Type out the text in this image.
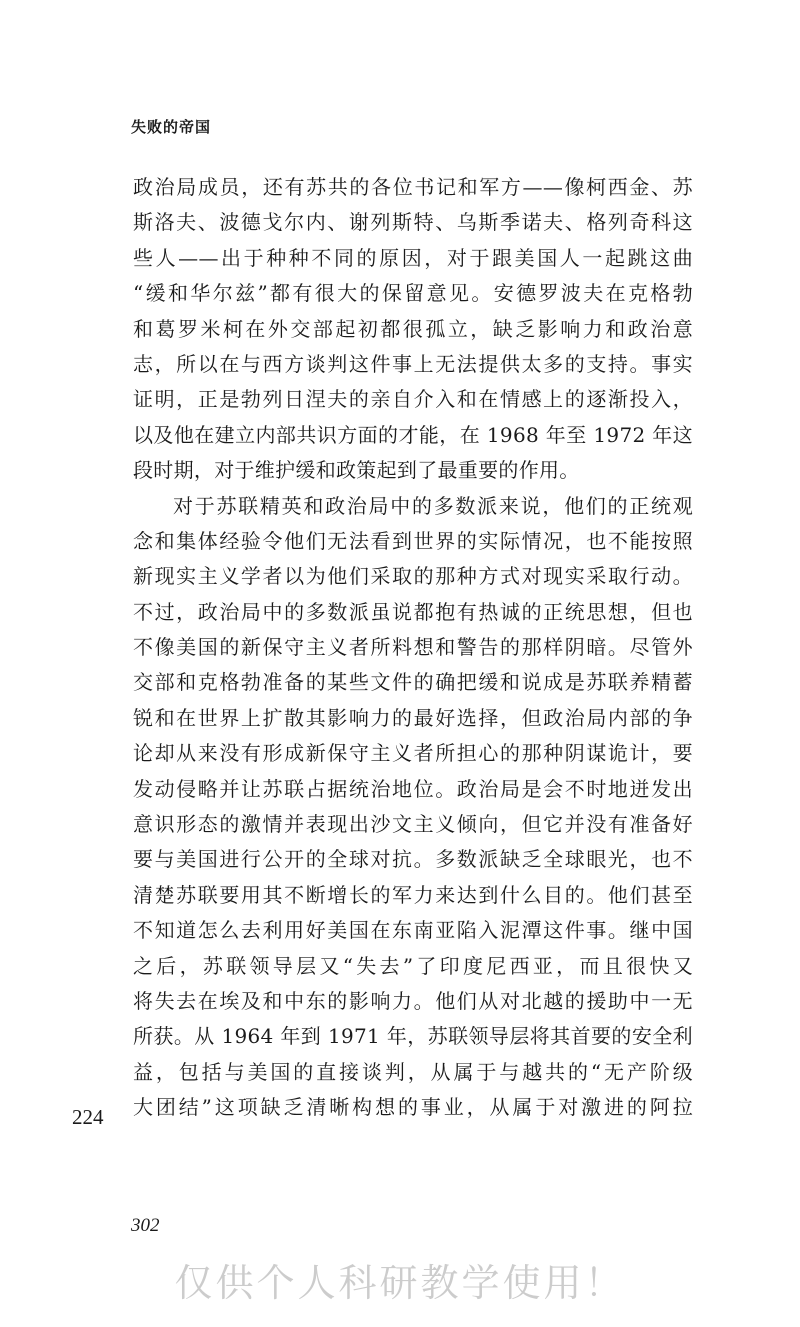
失败的帝国
政治局成员，还有苏共的各位书记和军方——像柯西金、苏
斯洛夫、波德戈尔内、谢列斯特、乌斯季诺夫、格列奇科这
些人——出于种种不同的原因，对于跟美国人一起跳这曲
“缓和华尔兹”都有很大的保留意见。安德罗波夫在克格勃
和葛罗米柯在外交部起初都很孤立，缺乏影响力和政治意
志，所以在与西方谈判这件事上无法提供太多的支持。事实
证明，正是勃列日涅夫的亲自介入和在情感上的逐渐投入，
以及他在建立内部共识方面的才能，在 1968 年至 1972 年这
段时期，对于维护缓和政策起到了最重要的作用。
对于苏联精英和政治局中的多数派来说，他们的正统观
念和集体经验令他们无法看到世界的实际情况，也不能按照
新现实主义学者以为他们采取的那种方式对现实采取行动。
不过，政治局中的多数派虽说都抱有热诚的正统思想，但也
不像美国的新保守主义者所料想和警告的那样阴暗。尽管外
交部和克格勃准备的某些文件的确把缓和说成是苏联养精蓄
锐和在世界上扩散其影响力的最好选择，但政治局内部的争
论却从来没有形成新保守主义者所担心的那种阴谋诡计，要
发动侵略并让苏联占据统治地位。政治局是会不时地迸发出
意识形态的激情并表现出沙文主义倾向，但它并没有准备好
要与美国进行公开的全球对抗。多数派缺乏全球眼光，也不
清楚苏联要用其不断增长的军力来达到什么目的。他们甚至
不知道怎么去利用好美国在东南亚陷入泥潭这件事。继中国
之后，苏联领导层又“失去”了印度尼西亚，而且很快又
将失去在埃及和中东的影响力。他们从对北越的援助中一无
所获。从 1964 年到 1971 年，苏联领导层将其首要的安全利
益，包括与美国的直接谈判，从属于与越共的“无产阶级
大团结”这项缺乏清晰构想的事业，从属于对激进的阿拉
224
302
仅供个人科研教学使用！
